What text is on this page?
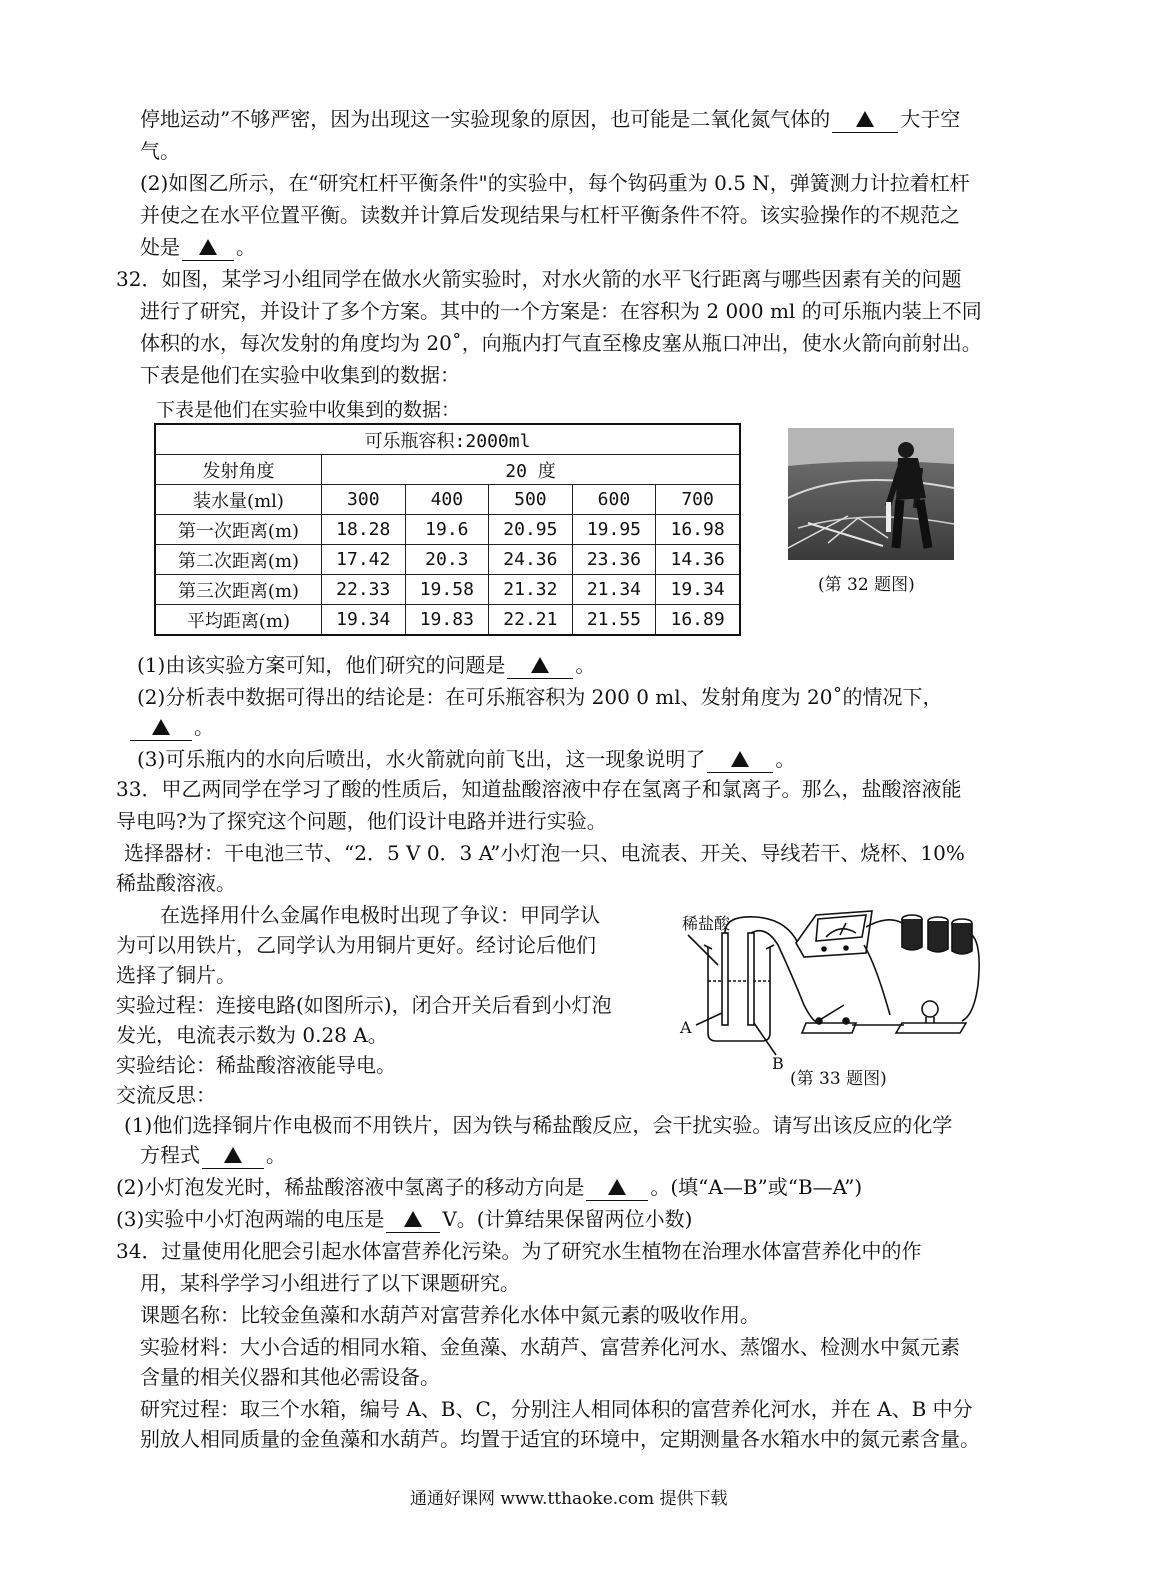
停地运动”不够严密，因为出现这一实验现象的原因，也可能是二氧化氮气体的	大于空
气。
(2)如图乙所示，在“研究杠杆平衡条件"的实验中，每个钩码重为 0.5 N，弹簧测力计拉着杠杆
并使之在水平位置平衡。读数并计算后发现结果与杠杆平衡条件不符。该实验操作的不规范之
处是	。
32．如图，某学习小组同学在做水火箭实验时，对水火箭的水平飞行距离与哪些因素有关的问题
进行了研究，并设计了多个方案。其中的一个方案是：在容积为 2 000 ml 的可乐瓶内装上不同
体积的水，每次发射的角度均为 20˚，向瓶内打气直至橡皮塞从瓶口冲出，使水火箭向前射出。
下表是他们在实验中收集到的数据：
下表是他们在实验中收集到的数据：
可乐瓶容积:2000ml					
发射角度	20 度				
装水量(ml)	300	400	500	600	700
第一次距离(m)	18.28	19.6	20.95	19.95	16.98
第二次距离(m)	17.42	20.3	24.36	23.36	14.36
第三次距离(m)	22.33	19.58	21.32	21.34	19.34
平均距离(m)	19.34	19.83	22.21	21.55	16.89
(第 32 题图)
(1)由该实验方案可知，他们研究的问题是	。
(2)分析表中数据可得出的结论是：在可乐瓶容积为 200 0 ml、发射角度为 20˚的情况下，
。
(3)可乐瓶内的水向后喷出，水火箭就向前飞出，这一现象说明了	。
33．甲乙两同学在学习了酸的性质后，知道盐酸溶液中存在氢离子和氯离子。那么，盐酸溶液能
导电吗?为了探究这个问题，他们设计电路并进行实验。
选择器材：干电池三节、“2．5 V 0．3 A”小灯泡一只、电流表、开关、导线若干、烧杯、10%
稀盐酸溶液。
在选择用什么金属作电极时出现了争议：甲同学认
为可以用铁片，乙同学认为用铜片更好。经讨论后他们
选择了铜片。
实验过程：连接电路(如图所示)，闭合开关后看到小灯泡
发光，电流表示数为 0.28 A。
实验结论：稀盐酸溶液能导电。
交流反思：
稀盐酸
A
B
(第 33 题图)
(1)他们选择铜片作电极而不用铁片，因为铁与稀盐酸反应，会干扰实验。请写出该反应的化学
方程式	。
(2)小灯泡发光时，稀盐酸溶液中氢离子的移动方向是	。(填“A—B”或“B—A”)
(3)实验中小灯泡两端的电压是	V。(计算结果保留两位小数)
34．过量使用化肥会引起水体富营养化污染。为了研究水生植物在治理水体富营养化中的作
用，某科学学习小组进行了以下课题研究。
课题名称：比较金鱼藻和水葫芦对富营养化水体中氮元素的吸收作用。
实验材料：大小合适的相同水箱、金鱼藻、水葫芦、富营养化河水、蒸馏水、检测水中氮元素
含量的相关仪器和其他必需设备。
研究过程：取三个水箱，编号 A、B、C，分别注人相同体积的富营养化河水，并在 A、B 中分
别放人相同质量的金鱼藻和水葫芦。均置于适宜的环境中，定期测量各水箱水中的氮元素含量。
通通好课网 www.tthaoke.com 提供下载
